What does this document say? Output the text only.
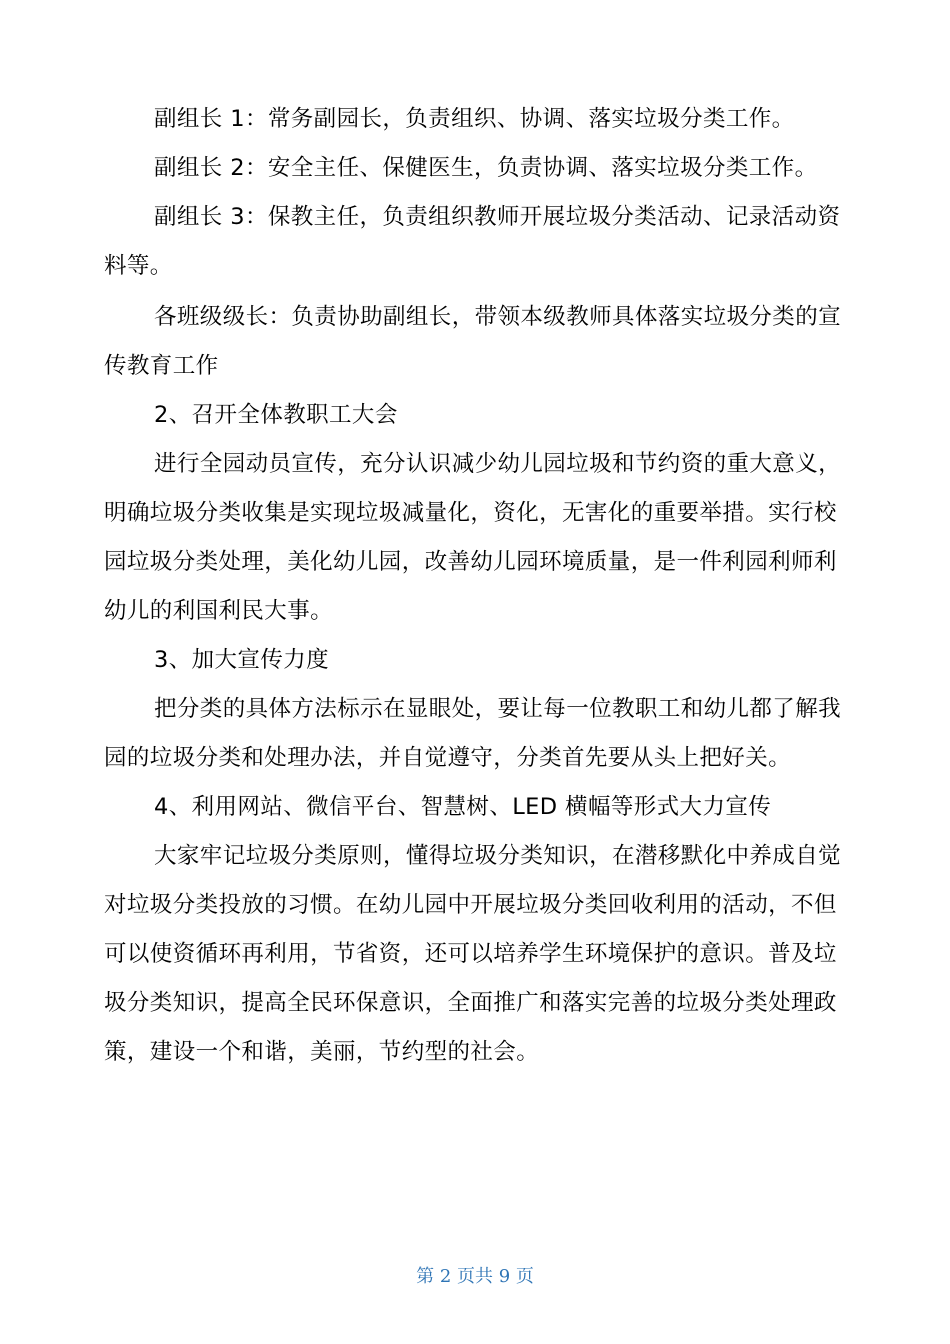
副组长 1：常务副园长，负责组织、协调、落实垃圾分类工作。

副组长 2：安全主任、保健医生，负责协调、落实垃圾分类工作。

副组长 3：保教主任，负责组织教师开展垃圾分类活动、记录活动资料等。

各班级级长：负责协助副组长，带领本级教师具体落实垃圾分类的宣传教育工作

2、召开全体教职工大会

进行全园动员宣传，充分认识减少幼儿园垃圾和节约资的重大意义，明确垃圾分类收集是实现垃圾减量化，资化，无害化的重要举措。实行校园垃圾分类处理，美化幼儿园，改善幼儿园环境质量，是一件利园利师利幼儿的利国利民大事。

3、加大宣传力度

把分类的具体方法标示在显眼处，要让每一位教职工和幼儿都了解我园的垃圾分类和处理办法，并自觉遵守，分类首先要从头上把好关。

4、利用网站、微信平台、智慧树、LED 横幅等形式大力宣传

大家牢记垃圾分类原则，懂得垃圾分类知识，在潜移默化中养成自觉对垃圾分类投放的习惯。在幼儿园中开展垃圾分类回收利用的活动，不但可以使资循环再利用，节省资，还可以培养学生环境保护的意识。普及垃圾分类知识，提高全民环保意识，全面推广和落实完善的垃圾分类处理政策，建设一个和谐，美丽，节约型的社会。

第 2 页共 9 页
